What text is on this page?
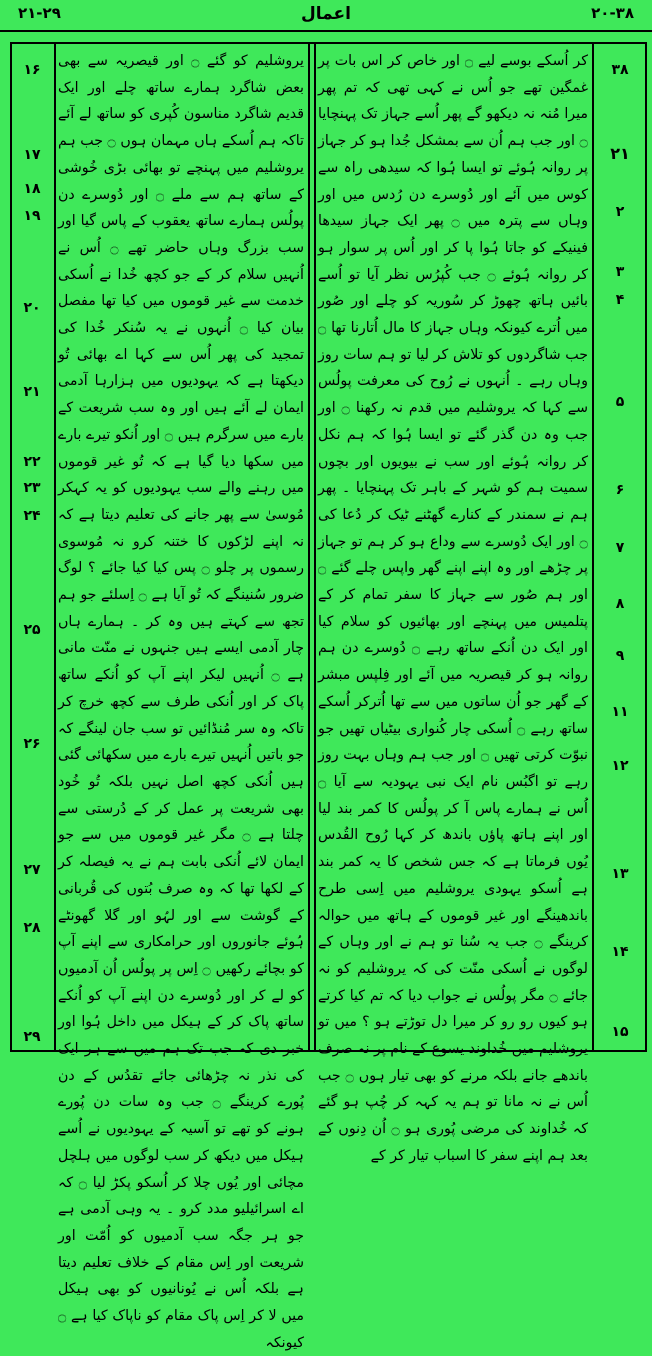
۲۱-۲۹	اعمال	۲۰-۳۸
۱۶
۱۷
۱۸
۱۹
۲۰
۲۱
۲۲
۲۳
۲۴
۲۵
۲۶
۲۷
۲۸
۲۹

یروشلیم کو گئے ۝ اور قیصریہ سے بھی بعض شاگرد ہمارے ساتھ چلے اور ایک قدیم شاگرد مناسون کُپری کو ساتھ لے آئے تاکہ ہم اُسکے ہاں مہمان ہوں ۝ جب ہم یروشلیم میں پہنچے تو بھائی بڑی خُوشی کے ساتھ ہم سے ملے ۝ اور دُوسرے دن پولُس ہمارے ساتھ یعقوب کے پاس گیا اور سب بزرگ وہاں حاضر تھے ۝ اُس نے اُنہیں سلام کر کے جو کچھ خُدا نے اُسکی خدمت سے غیر قوموں میں کیا تھا مفصل بیان کیا ۝ اُنہوں نے یہ سُنکر خُدا کی تمجید کی پھر اُس سے کہا اے بھائی تُو دیکھتا ہے کہ یہودیوں میں ہزارہا آدمی ایمان لے آئے ہیں اور وہ سب شریعت کے بارے میں سرگرم ہیں ۝ اور اُنکو تیرے بارے میں سکھا دیا گیا ہے کہ تُو غیر قوموں میں رہنے والے سب یہودیوں کو یہ کہکر مُوسیٰ سے پھر جانے کی تعلیم دیتا ہے کہ نہ اپنے لڑکوں کا ختنہ کرو نہ مُوسوی رسموں پر چلو ۝ پس کیا کیا جائے ؟ لوگ ضرور سُنینگے کہ تُو آیا ہے ۝ اِسلئے جو ہم تجھ سے کہتے ہیں وہ کر ۔ ہمارے ہاں چار آدمی ایسے ہیں جنہوں نے منّت مانی ہے ۝ اُنہیں لیکر اپنے آپ کو اُنکے ساتھ پاک کر اور اُنکی طرف سے کچھ خرچ کر تاکہ وہ سر مُنڈائیں تو سب جان لینگے کہ جو باتیں اُنہیں تیرے بارے میں سکھائی گئی ہیں اُنکی کچھ اصل نہیں بلکہ تُو خُود بھی شریعت پر عمل کر کے دُرستی سے چلتا ہے ۝ مگر غیر قوموں میں سے جو ایمان لائے اُنکی بابت ہم نے یہ فیصلہ کر کے لکھا تھا کہ وہ صرف بُتوں کی قُربانی کے گوشت سے اور لہُو اور گلا گھونٹے ہُوئے جانوروں اور حرامکاری سے اپنے آپ کو بچائے رکھیں ۝ اِس پر پولُس اُن آدمیوں کو لے کر اور دُوسرے دن اپنے آپ کو اُنکے ساتھ پاک کر کے ہیکل میں داخل ہُوا اور خبر دی کہ جب تک ہم میں سے ہر ایک کی نذر نہ چڑھائی جائے تقدُس کے دن پُورے کرینگے ۝ جب وہ سات دن پُورے ہونے کو تھے تو آسیہ کے یہودیوں نے اُسے ہیکل میں دیکھ کر سب لوگوں میں ہلچل مچائی اور یُوں چلا کر اُسکو پکڑ لیا ۝ کہ اے اسرائیلیو مدد کرو ۔ یہ وہی آدمی ہے جو ہر جگہ سب آدمیوں کو اُمّت اور شریعت اور اِس مقام کے خلاف تعلیم دیتا ہے بلکہ اُس نے یُونانیوں کو بھی ہیکل میں لا کر اِس پاک مقام کو ناپاک کیا ہے ۝ کیونکہ

کر اُسکے بوسے لیے ۝ اور خاص کر اس بات پر غمگین تھے جو اُس نے کہی تھی کہ تم پھر میرا مُنہ نہ دیکھو گے پھر اُسے جہاز تک پہنچایا ۝ اور جب ہم اُن سے بمشکل جُدا ہو کر جہاز پر روانہ ہُوئے تو ایسا ہُوا کہ سیدھی راہ سے کوس میں آئے اور دُوسرے دن رُدس میں اور وہاں سے پترہ میں ۝ پھر ایک جہاز سیدھا فینیکے کو جاتا ہُوا پا کر اور اُس پر سوار ہو کر روانہ ہُوئے ۝ جب کُپرُس نظر آیا تو اُسے بائیں ہاتھ چھوڑ کر سُوریہ کو چلے اور صُور میں اُترے کیونکہ وہاں جہاز کا مال اُتارنا تھا ۝ جب شاگردوں کو تلاش کر لیا تو ہم سات روز وہاں رہے ۔ اُنہوں نے رُوح کی معرفت پولُس سے کہا کہ یروشلیم میں قدم نہ رکھنا ۝ اور جب وہ دن گذر گئے تو ایسا ہُوا کہ ہم نکل کر روانہ ہُوئے اور سب نے بیویوں اور بچوں سمیت ہم کو شہر کے باہر تک پہنچایا ۔ پھر ہم نے سمندر کے کنارے گھٹنے ٹیک کر دُعا کی ۝ اور ایک دُوسرے سے وداع ہو کر ہم تو جہاز پر چڑھے اور وہ اپنے اپنے گھر واپس چلے گئے ۝ اور ہم صُور سے جہاز کا سفر تمام کر کے پتلمیس میں پہنچے اور بھائیوں کو سلام کیا اور ایک دن اُنکے ساتھ رہے ۝ دُوسرے دن ہم روانہ ہو کر قیصریہ میں آئے اور فِلپس مبشر کے گھر جو اُن ساتوں میں سے تھا اُترکر اُسکے ساتھ رہے ۝ اُسکی چار کُنواری بیٹیاں تھیں جو نبوّت کرتی تھیں ۝ اور جب ہم وہاں بہت روز رہے تو اگبُس نام ایک نبی یہودیہ سے آیا ۝ اُس نے ہمارے پاس آ کر پولُس کا کمر بند لیا اور اپنے ہاتھ پاؤں باندھ کر کہا رُوح القُدس یُوں فرماتا ہے کہ جس شخص کا یہ کمر بند ہے اُسکو یہودی یروشلیم میں اِسی طرح باندھینگے اور غیر قوموں کے ہاتھ میں حوالہ کرینگے ۝ جب یہ سُنا تو ہم نے اور وہاں کے لوگوں نے اُسکی منّت کی کہ یروشلیم کو نہ جائے ۝ مگر پولُس نے جواب دیا کہ تم کیا کرتے ہو کیوں رو رو کر میرا دل توڑتے ہو ؟ میں تو یروشلیم میں خُداوند یسوع کے نام پر نہ صرف باندھے جانے بلکہ مرنے کو بھی تیار ہوں ۝ جب اُس نے نہ مانا تو ہم یہ کہہ کر چُپ ہو گئے کہ خُداوند کی مرضی پُوری ہو ۝ اُن دِنوں کے بعد ہم اپنے سفر کا اسباب تیار کر کے

۳۸
۲۱
۲
۳
۴
۵
۶
۷
۸
۹
۱۱
۱۲
۱۳
۱۴
۱۵
